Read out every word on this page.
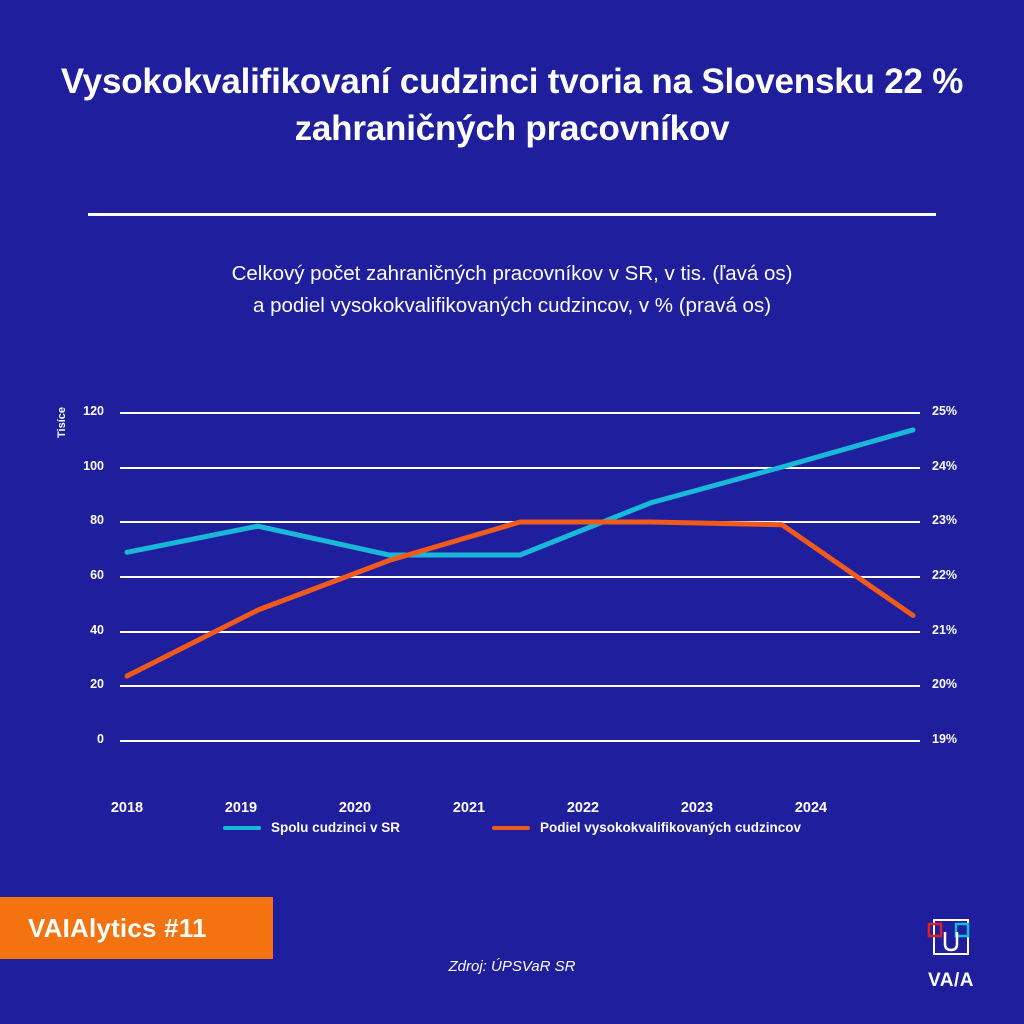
Vysokokvalifikovaní cudzinci tvoria na Slovensku 22 % zahraničných pracovníkov
Celkový počet zahraničných pracovníkov v SR, v tis. (ľavá os)
a podiel vysokokvalifikovaných cudzincov, v % (pravá os)
Tisíce
0
20
40
60
80
100
120
19%
20%
21%
22%
23%
24%
25%
2018	2019	2020	2021	2022	2023	2024
Spolu cudzinci v SR	Podiel vysokokvalifikovaných cudzincov
VAIAlytics #11
Zdroj: ÚPSVaR SR
VA/A
